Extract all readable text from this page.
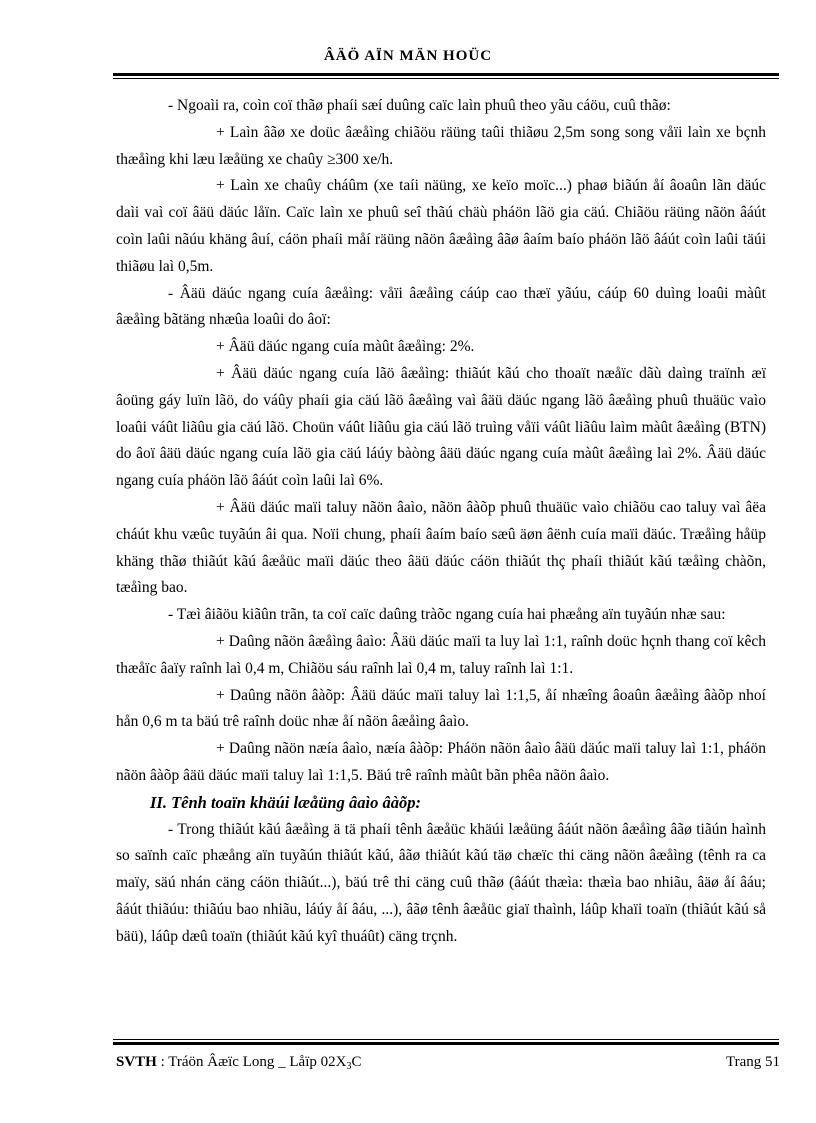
ÂÄÖ AÏN MÄN HOÜC

- Ngoaìi ra, coìn coï thãø phaíi sæí duûng caïc laìn phuû theo yãu cáöu, cuû thãø:

+ Laìn âãø xe doüc âæåìng chiãöu räüng taûi thiãøu 2,5m song song våïi laìn xe bçnh thæåìng khi læu læåüng xe chaûy ≥300 xe/h.

+ Laìn xe chaûy cháûm (xe taíi näüng, xe keïo moïc...) phaø biãún åí âoaûn lãn däúc daìi vaì coï âäü däúc låïn. Caïc laìn xe phuû seî thãú chäù pháön lãö gia cäú. Chiãöu räüng nãön âáút coìn laûi nãúu khäng âuí, cáön phaíi måí räüng nãön âæåìng âãø âaím baío pháön lãö âáút coìn laûi täúi thiãøu laì 0,5m.

- Âäü däúc ngang cuía âæåìng: våïi âæåìng cáúp cao thæï yãúu, cáúp 60 duìng loaûi màût âæåìng bãtäng nhæûa loaûi do âoï:

+ Âäü däúc ngang cuía màût âæåìng: 2%.

+ Âäü däúc ngang cuía lãö âæåìng: thiãút kãú cho thoaït næåïc dãù daìng traïnh æï âoüng gáy luïn lãö, do váûy phaíi gia cäú lãö âæåìng vaì âäü däúc ngang lãö âæåìng phuû thuäüc vaìo loaûi váût liãûu gia cäú lãö. Choün váût liãûu gia cäú lãö truìng våïi váût liãûu laìm màût âæåìng (BTN) do âoï âäü däúc ngang cuía lãö gia cäú láúy bàòng âäü däúc ngang cuía màût âæåìng laì 2%. Âäü däúc ngang cuía pháön lãö âáút coìn laûi laì 6%.

+ Âäü däúc maïi taluy nãön âaìo, nãön âàõp phuû thuäüc vaìo chiãöu cao taluy vaì âëa cháút khu væûc tuyãún âi qua. Noïi chung, phaíi âaím baío sæû äøn âënh cuía maïi däúc. Træåìng håüp khäng thãø thiãút kãú âæåüc maïi däúc theo âäü däúc cáön thiãút thç phaíi thiãút kãú tæåìng chàõn, tæåìng bao.

- Tæì âiãöu kiãûn trãn, ta coï caïc daûng tràõc ngang cuía hai phæång aïn tuyãún nhæ sau:

+ Daûng nãön âæåìng âaìo: Âäü däúc maïi ta luy laì 1:1, raînh doüc hçnh thang coï kêch thæåïc âaïy raînh laì 0,4 m, Chiãöu sáu raînh laì 0,4 m, taluy raînh laì 1:1.

+ Daûng nãön âàõp: Âäü däúc maïi taluy laì 1:1,5, åí nhæîng âoaûn âæåìng âàõp nhoí hån 0,6 m ta bäú trê raînh doüc nhæ åí nãön âæåìng âaìo.

+ Daûng nãön næía âaìo, næía âàõp: Pháön nãön âaìo âäü däúc maïi taluy laì 1:1, pháön nãön âàõp âäü däúc maïi taluy laì 1:1,5. Bäú trê raînh màût bãn phêa nãön âaìo.

II. Tênh toaïn khäúi læåüng âaìo âàõp:

- Trong thiãút kãú âæåìng ä tä phaíi tênh âæåüc khäúi læåüng âáút nãön âæåìng âãø tiãún haình so saïnh caïc phæång aïn tuyãún thiãút kãú, âãø thiãút kãú täø chæïc thi cäng nãön âæåìng (tênh ra ca maïy, säú nhán cäng cáön thiãút...), bäú trê thi cäng cuû thãø (âáút thæìa: thæìa bao nhiãu, âäø åí âáu; âáút thiãúu: thiãúu bao nhiãu, láúy åí âáu, ...), âãø tênh âæåüc giaï thaình, láûp khaïi toaïn (thiãút kãú så bäü), láûp dæû toaïn (thiãút kãú kyî thuáût) cäng trçnh.

SVTH : Tráön Âæïc Long _ Låïp $02X_3C$	Trang 51
